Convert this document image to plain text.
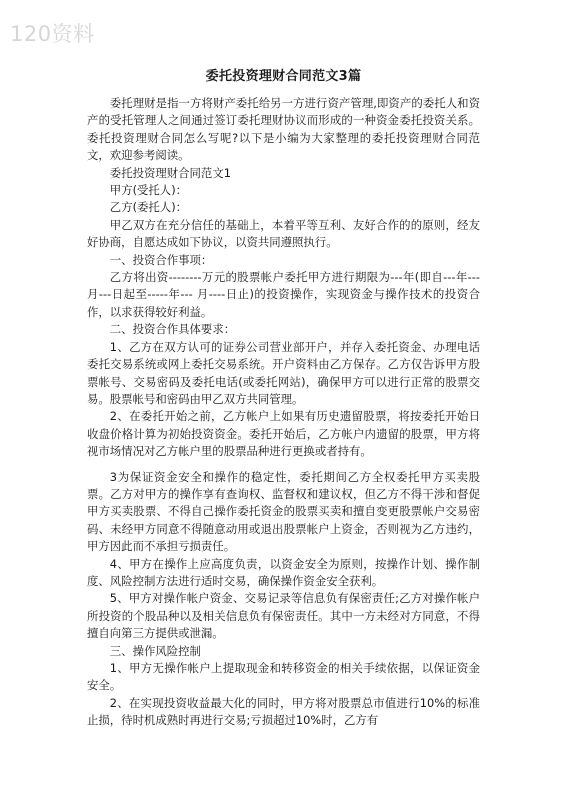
120资料
委托投资理财合同范文3篇

委托理财是指一方将财产委托给另一方进行资产管理,即资产的委托人和资产的受托管理人之间通过签订委托理财协议而形成的一种资金委托投资关系。委托投资理财合同怎么写呢?以下是小编为大家整理的委托投资理财合同范文，欢迎参考阅读。

委托投资理财合同范文1

甲方(受托人)：

乙方(委托人)：

甲乙双方在充分信任的基础上，本着平等互利、友好合作的的原则，经友好协商，自愿达成如下协议，以资共同遵照执行。

一、投资合作事项：

乙方将出资--------万元的股票帐户委托甲方进行期限为---年(即自---年---月---日起至-----年--- 月----日止)的投资操作，实现资金与操作技术的投资合作，以求获得较好利益。

二、投资合作具体要求：

1、乙方在双方认可的证券公司营业部开户，并存入委托资金、办理电话委托交易系统或网上委托交易系统。开户资料由乙方保存。乙方仅告诉甲方股票帐号、交易密码及委托电话(或委托网站)，确保甲方可以进行正常的股票交易。股票帐号和密码由甲乙双方共同管理。

2、在委托开始之前，乙方帐户上如果有历史遗留股票，将按委托开始日收盘价格计算为初始投资资金。委托开始后，乙方帐户内遗留的股票，甲方将视市场情况对乙方帐户里的股票品种进行更换或者持有。

3为保证资金安全和操作的稳定性，委托期间乙方全权委托甲方买卖股票。乙方对甲方的操作享有查询权、监督权和建议权，但乙方不得干涉和督促甲方买卖股票、不得自己操作委托资金的股票买卖和擅自变更股票帐户交易密码、未经甲方同意不得随意动用或退出股票帐户上资金，否则视为乙方违约，甲方因此而不承担亏损责任。

4、甲方在操作上应高度负责，以资金安全为原则，按操作计划、操作制度、风险控制方法进行适时交易，确保操作资金安全获利。

5、甲方对操作帐户资金、交易记录等信息负有保密责任;乙方对操作帐户所投资的个股品种以及相关信息负有保密责任。其中一方未经对方同意，不得擅自向第三方提供或泄漏。

三、操作风险控制

1、甲方无操作帐户上提取现金和转移资金的相关手续依据，以保证资金安全。

2、在实现投资收益最大化的同时，甲方将对股票总市值进行10%的标准止损，待时机成熟时再进行交易;亏损超过10%时，乙方有
